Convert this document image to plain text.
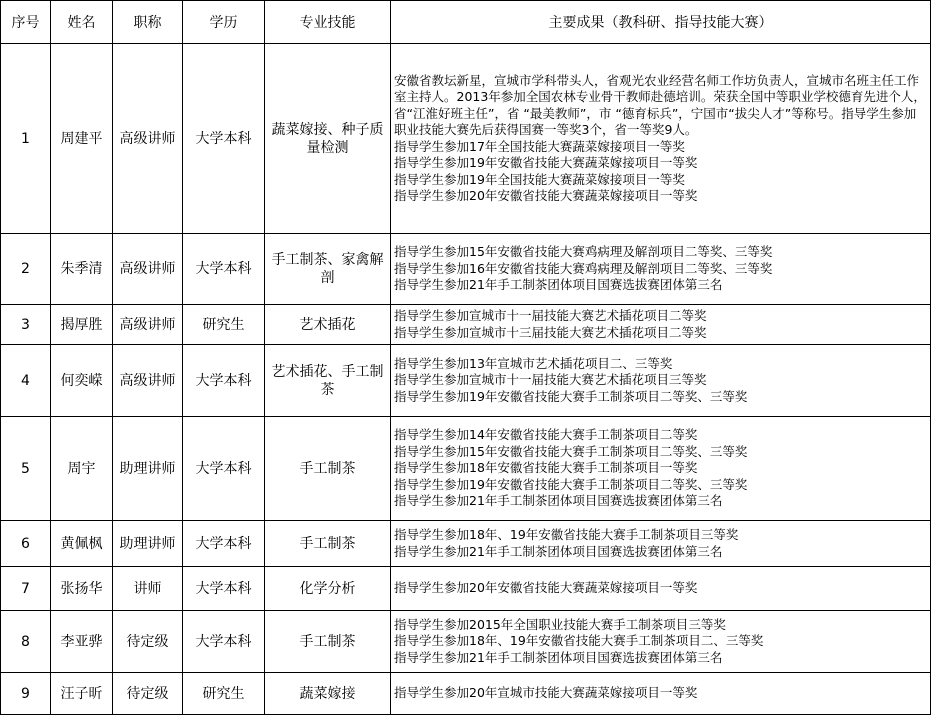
序号	姓名	职称	学历	专业技能	主要成果（教科研、指导技能大赛）
1	周建平	高级讲师	大学本科	蔬菜嫁接、种子质量检测	安徽省教坛新星，宣城市学科带头人，省观光农业经营名师工作坊负责人，宣城市名班主任工作室主持人。2013年参加全国农林专业骨干教师赴德培训。荣获全国中等职业学校德育先进个人，省“江淮好班主任”，省 “最美教师”，市 “德育标兵”，宁国市“拔尖人才”等称号。指导学生参加职业技能大赛先后获得国赛一等奖3个，省一等奖9人。
指导学生参加17年全国技能大赛蔬菜嫁接项目一等奖
指导学生参加19年安徽省技能大赛蔬菜嫁接项目一等奖
指导学生参加19年全国技能大赛蔬菜嫁接项目一等奖
指导学生参加20年安徽省技能大赛蔬菜嫁接项目一等奖

2	朱季清	高级讲师	大学本科	手工制茶、家禽解剖	指导学生参加15年安徽省技能大赛鸡病理及解剖项目二等奖、三等奖
指导学生参加16年安徽省技能大赛鸡病理及解剖项目二等奖、三等奖
指导学生参加21年手工制茶团体项目国赛选拔赛团体第三名

3	揭厚胜	高级讲师	研究生	艺术插花	指导学生参加宣城市十一届技能大赛艺术插花项目二等奖
指导学生参加宣城市十三届技能大赛艺术插花项目二等奖

4	何奕嵘	高级讲师	大学本科	艺术插花、手工制茶	指导学生参加13年宣城市艺术插花项目二、三等奖
指导学生参加宣城市十一届技能大赛艺术插花项目三等奖
指导学生参加19年安徽省技能大赛手工制茶项目二等奖、三等奖

5	周宇	助理讲师	大学本科	手工制茶	指导学生参加14年安徽省技能大赛手工制茶项目二等奖
指导学生参加15年安徽省技能大赛手工制茶项目二等奖、三等奖
指导学生参加18年安徽省技能大赛手工制茶项目一等奖
指导学生参加19年安徽省技能大赛手工制茶项目二等奖、三等奖
指导学生参加21年手工制茶团体项目国赛选拔赛团体第三名

6	黄佩枫	助理讲师	大学本科	手工制茶	指导学生参加18年、19年安徽省技能大赛手工制茶项目三等奖
指导学生参加21年手工制茶团体项目国赛选拔赛团体第三名

7	张扬华	讲师	大学本科	化学分析	指导学生参加20年安徽省技能大赛蔬菜嫁接项目一等奖

8	李亚骅	待定级	大学本科	手工制茶	指导学生参加2015年全国职业技能大赛手工制茶项目三等奖
指导学生参加18年、19年安徽省技能大赛手工制茶项目二、三等奖
指导学生参加21年手工制茶团体项目国赛选拔赛团体第三名

9	汪子昕	待定级	研究生	蔬菜嫁接	指导学生参加20年宣城市技能大赛蔬菜嫁接项目一等奖
